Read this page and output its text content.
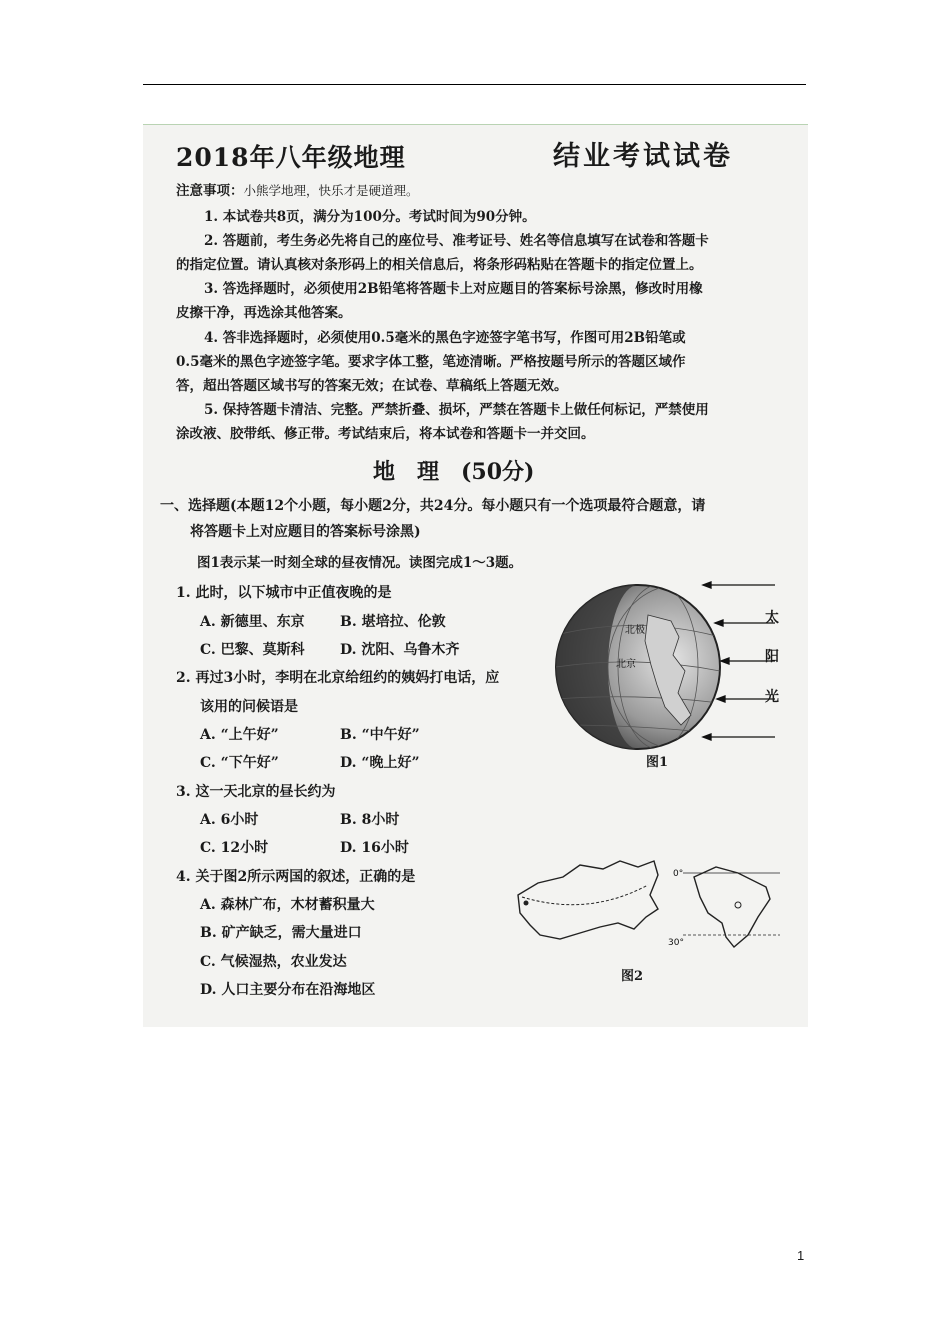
2018年八年级地理	结业考试试卷
注意事项：小熊学地理，快乐才是硬道理。
1. 本试卷共8页，满分为100分。考试时间为90分钟。
2. 答题前，考生务必先将自己的座位号、准考证号、姓名等信息填写在试卷和答题卡
的指定位置。请认真核对条形码上的相关信息后，将条形码粘贴在答题卡的指定位置上。
3. 答选择题时，必须使用2B铅笔将答题卡上对应题目的答案标号涂黑，修改时用橡
皮擦干净，再选涂其他答案。
4. 答非选择题时，必须使用0.5毫米的黑色字迹签字笔书写，作图可用2B铅笔或
0.5毫米的黑色字迹签字笔。要求字体工整，笔迹清晰。严格按题号所示的答题区域作
答，超出答题区域书写的答案无效；在试卷、草稿纸上答题无效。
5. 保持答题卡清洁、完整。严禁折叠、损坏，严禁在答题卡上做任何标记，严禁使用
涂改液、胶带纸、修正带。考试结束后，将本试卷和答题卡一并交回。
地　理　(50分)
一、选择题(本题12个小题，每小题2分，共24分。每小题只有一个选项最符合题意，请
将答题卡上对应题目的答案标号涂黑)
图1表示某一时刻全球的昼夜情况。读图完成1～3题。
1. 此时，以下城市中正值夜晚的是
A. 新德里、东京	B. 堪培拉、伦敦
C. 巴黎、莫斯科	D. 沈阳、乌鲁木齐
2. 再过3小时，李明在北京给纽约的姨妈打电话，应
该用的问候语是
A. “上午好”	B. “中午好”
C. “下午好”	D. “晚上好”
3. 这一天北京的昼长约为
A. 6小时	B. 8小时
C. 12小时	D. 16小时
4. 关于图2所示两国的叙述，正确的是
A. 森林广布，木材蓄积量大
B. 矿产缺乏，需大量进口
C. 气候湿热，农业发达
D. 人口主要分布在沿海地区
北极
北京
太
阳
光
图1
0°
30°
图2
1
